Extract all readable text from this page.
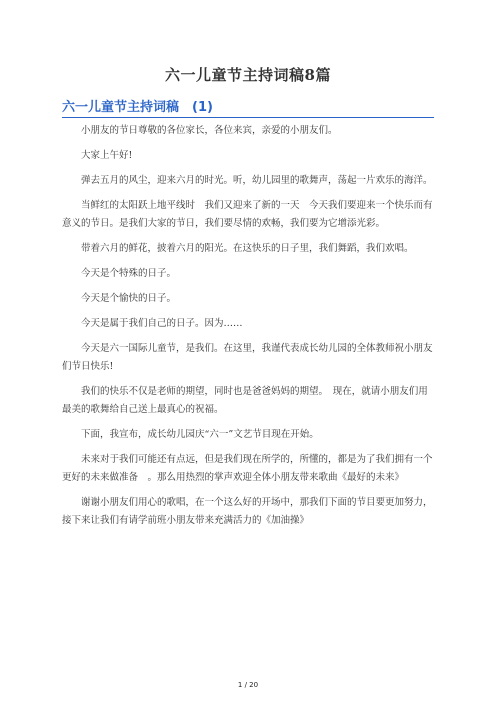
六一儿童节主持词稿8篇
六一儿童节主持词稿　(1)

小朋友的节日尊敬的各位家长，各位来宾，亲爱的小朋友们。

大家上午好!

弹去五月的风尘，迎来六月的时光。听，幼儿园里的歌舞声，荡起一片欢乐的海洋。

当鲜红的太阳跃上地平线时　我们又迎来了新的一天　今天我们要迎来一个快乐而有意义的节日。是我们大家的节日，我们要尽情的欢畅，我们要为它增添光彩。

带着六月的鲜花，披着六月的阳光。在这快乐的日子里，我们舞蹈，我们欢唱。

今天是个特殊的日子。

今天是个愉快的日子。

今天是属于我们自己的日子。因为……

今天是六一国际儿童节，是我们。在这里，我谨代表成长幼儿园的全体教师祝小朋友们节日快乐!

我们的快乐不仅是老师的期望，同时也是爸爸妈妈的期望。　现在，就请小朋友们用最美的歌舞给自己送上最真心的祝福。

下面，我宣布，成长幼儿园庆“六一”文艺节目现在开始。

未来对于我们可能还有点远，但是我们现在所学的，所懂的，都是为了我们拥有一个更好的未来做准备　。那么用热烈的掌声欢迎全体小朋友带来歌曲《最好的未来》

谢谢小朋友们用心的歌唱，在一个这么好的开场中，那我们下面的节目要更加努力，接下来让我们有请学前班小朋友带来充满活力的《加油操》

1 / 20
